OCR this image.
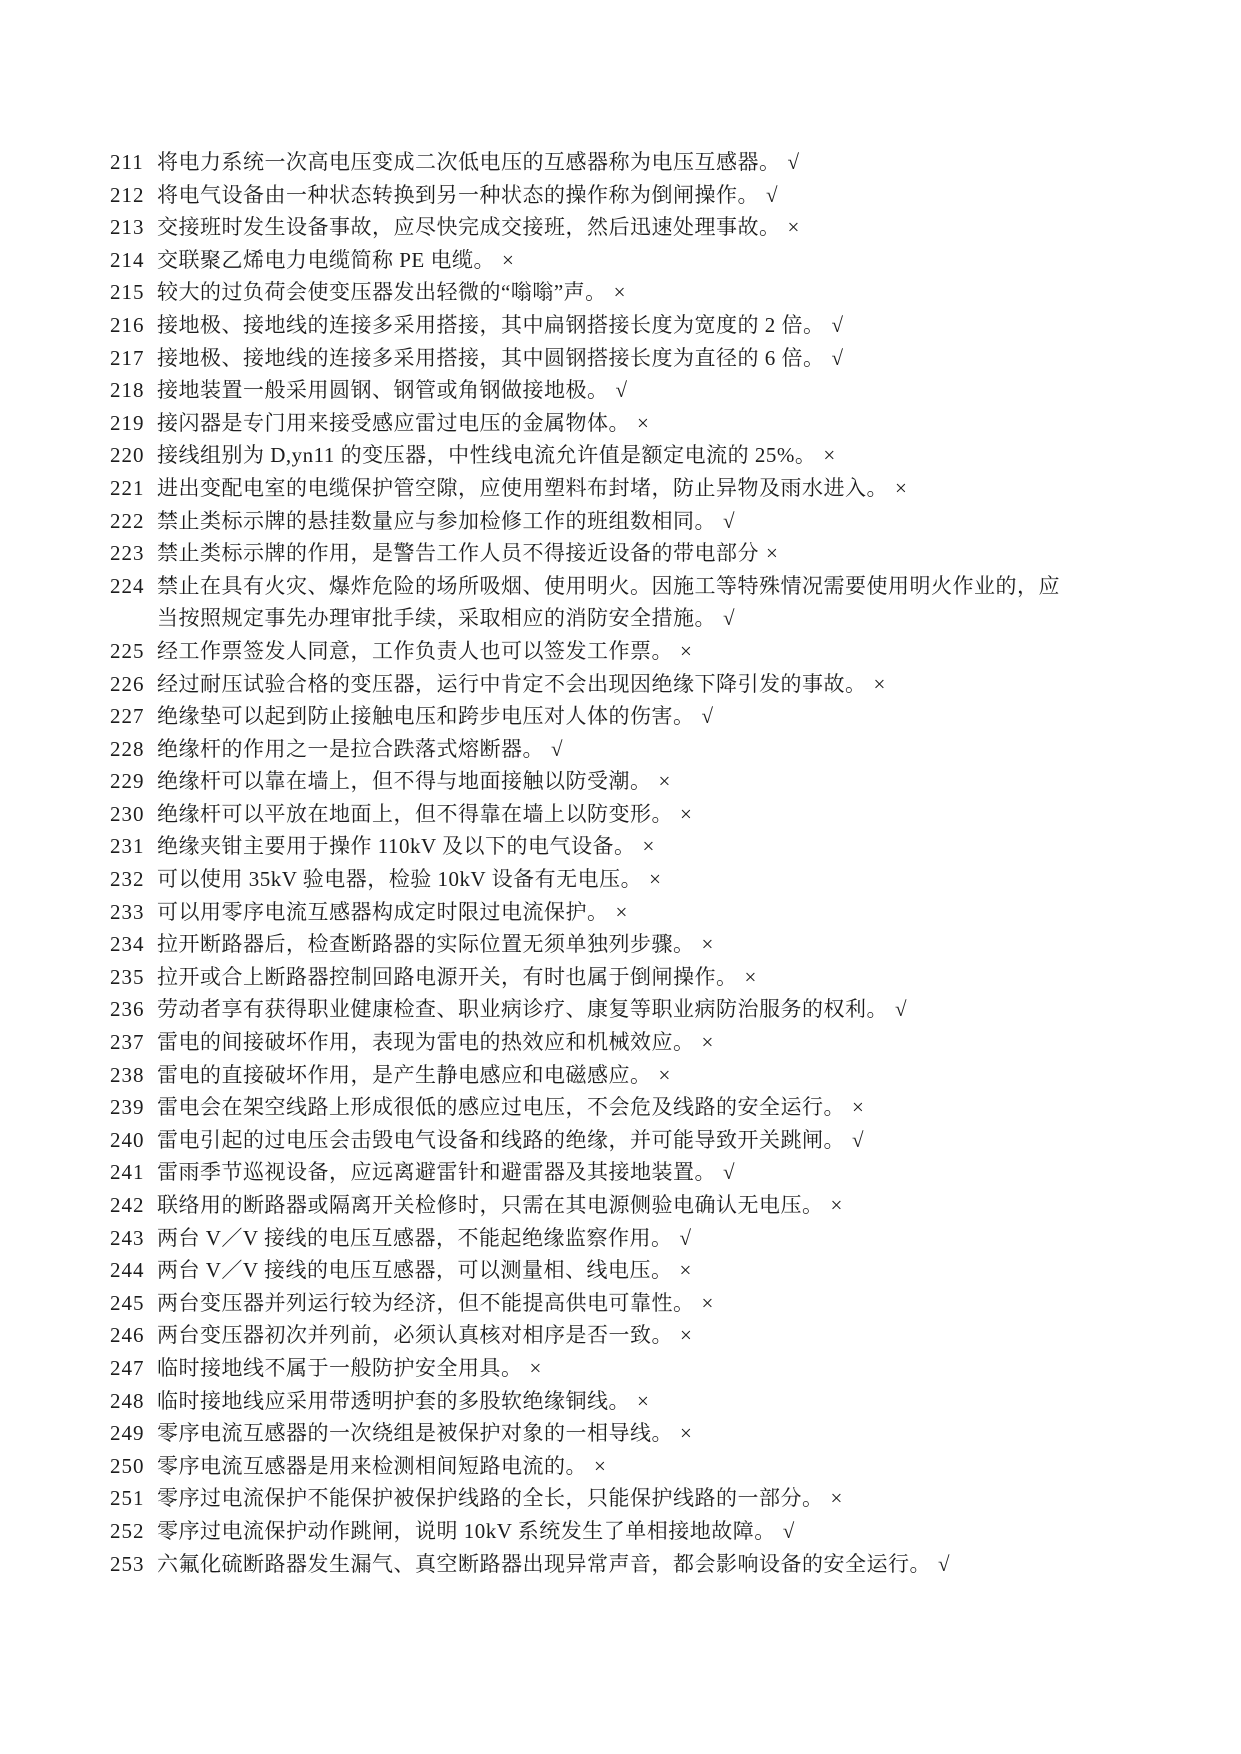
211 将电力系统一次高电压变成二次低电压的互感器称为电压互感器。 √
212 将电气设备由一种状态转换到另一种状态的操作称为倒闸操作。 √
213 交接班时发生设备事故，应尽快完成交接班，然后迅速处理事故。 ×
214 交联聚乙烯电力电缆简称 PE 电缆。 ×
215 较大的过负荷会使变压器发出轻微的“嗡嗡”声。 ×
216 接地极、接地线的连接多采用搭接，其中扁钢搭接长度为宽度的 2 倍。 √
217 接地极、接地线的连接多采用搭接，其中圆钢搭接长度为直径的 6 倍。 √
218 接地装置一般采用圆钢、钢管或角钢做接地极。 √
219 接闪器是专门用来接受感应雷过电压的金属物体。 ×
220 接线组别为 D,yn11 的变压器，中性线电流允许值是额定电流的 25%。 ×
221 进出变配电室的电缆保护管空隙，应使用塑料布封堵，防止异物及雨水进入。 ×
222 禁止类标示牌的悬挂数量应与参加检修工作的班组数相同。 √
223 禁止类标示牌的作用，是警告工作人员不得接近设备的带电部分 ×
224 禁止在具有火灾、爆炸危险的场所吸烟、使用明火。因施工等特殊情况需要使用明火作业的，应当按照规定事先办理审批手续，采取相应的消防安全措施。 √
225 经工作票签发人同意，工作负责人也可以签发工作票。 ×
226 经过耐压试验合格的变压器，运行中肯定不会出现因绝缘下降引发的事故。 ×
227 绝缘垫可以起到防止接触电压和跨步电压对人体的伤害。 √
228 绝缘杆的作用之一是拉合跌落式熔断器。 √
229 绝缘杆可以靠在墙上，但不得与地面接触以防受潮。 ×
230 绝缘杆可以平放在地面上，但不得靠在墙上以防变形。 ×
231 绝缘夹钳主要用于操作 110kV 及以下的电气设备。 ×
232 可以使用 35kV 验电器，检验 10kV 设备有无电压。 ×
233 可以用零序电流互感器构成定时限过电流保护。 ×
234 拉开断路器后，检查断路器的实际位置无须单独列步骤。 ×
235 拉开或合上断路器控制回路电源开关，有时也属于倒闸操作。 ×
236 劳动者享有获得职业健康检查、职业病诊疗、康复等职业病防治服务的权利。 √
237 雷电的间接破坏作用，表现为雷电的热效应和机械效应。 ×
238 雷电的直接破坏作用，是产生静电感应和电磁感应。 ×
239 雷电会在架空线路上形成很低的感应过电压，不会危及线路的安全运行。 ×
240 雷电引起的过电压会击毁电气设备和线路的绝缘，并可能导致开关跳闸。 √
241 雷雨季节巡视设备，应远离避雷针和避雷器及其接地装置。 √
242 联络用的断路器或隔离开关检修时，只需在其电源侧验电确认无电压。 ×
243 两台 V／V 接线的电压互感器，不能起绝缘监察作用。 √
244 两台 V／V 接线的电压互感器，可以测量相、线电压。 ×
245 两台变压器并列运行较为经济，但不能提高供电可靠性。 ×
246 两台变压器初次并列前，必须认真核对相序是否一致。 ×
247 临时接地线不属于一般防护安全用具。 ×
248 临时接地线应采用带透明护套的多股软绝缘铜线。 ×
249 零序电流互感器的一次绕组是被保护对象的一相导线。 ×
250 零序电流互感器是用来检测相间短路电流的。 ×
251 零序过电流保护不能保护被保护线路的全长，只能保护线路的一部分。 ×
252 零序过电流保护动作跳闸，说明 10kV 系统发生了单相接地故障。 √
253 六氟化硫断路器发生漏气、真空断路器出现异常声音，都会影响设备的安全运行。 √
